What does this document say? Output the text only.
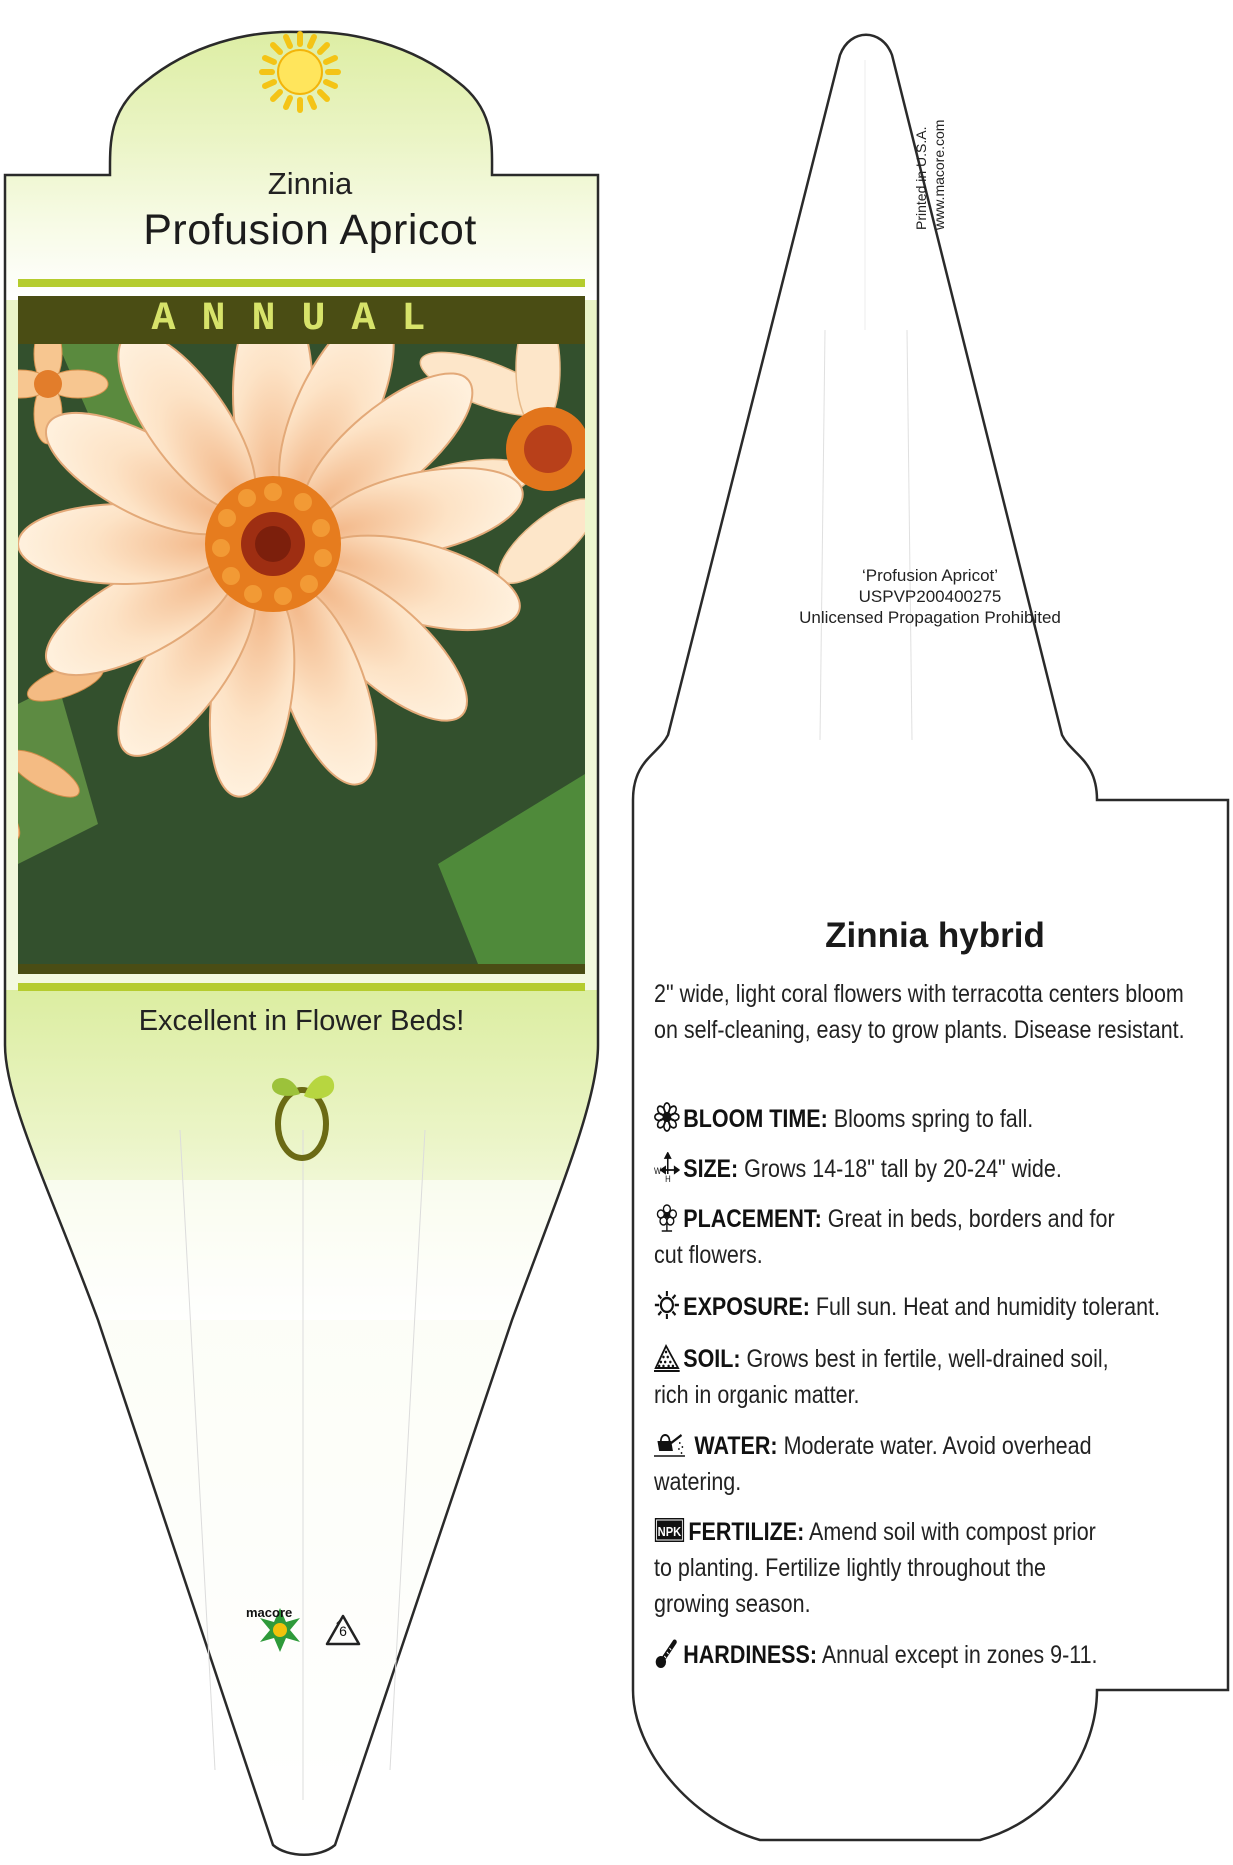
Zinnia
Profusion Apricot
ANNUAL
Excellent in Flower Beds!
macore
6
Printed in U.S.A. www.macore.com
‘Profusion Apricot’
USPVP200400275
Unlicensed Propagation Prohibited
Zinnia hybrid
2" wide, light coral flowers with terracotta centers bloom on self-cleaning, easy to grow plants. Disease resistant.
BLOOM TIME: Blooms spring to fall.
W
H SIZE: Grows 14-18" tall by 20-24" wide.
PLACEMENT: Great in beds, borders and for cut flowers.
EXPOSURE: Full sun. Heat and humidity tolerant.
SOIL: Grows best in fertile, well-drained soil, rich in organic matter.
WATER: Moderate water. Avoid overhead watering.
NPK FERTILIZE: Amend soil with compost prior to planting. Fertilize lightly throughout the growing season.
HARDINESS: Annual except in zones 9-11.
